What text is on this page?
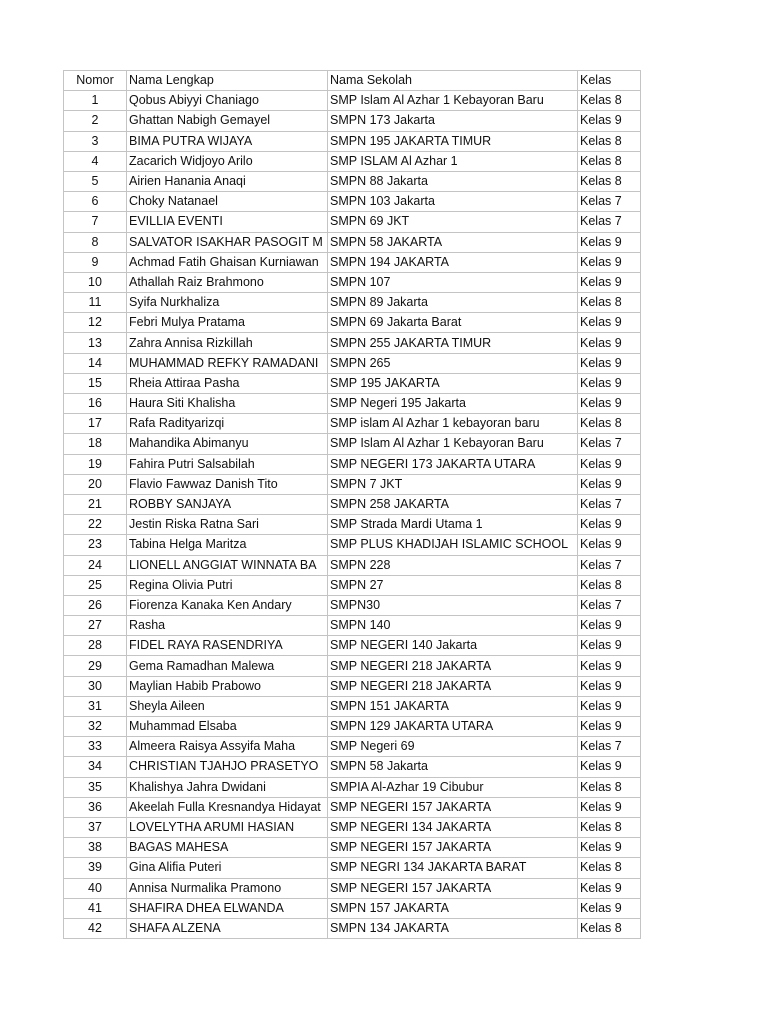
Nomor	Nama Lengkap	Nama Sekolah	Kelas
1	Qobus Abiyyi Chaniago	SMP Islam Al Azhar 1 Kebayoran Baru	Kelas 8
2	Ghattan Nabigh Gemayel	SMPN 173 Jakarta	Kelas 9
3	BIMA PUTRA WIJAYA	SMPN 195 JAKARTA TIMUR	Kelas 8
4	Zacarich Widjoyo Arilo	SMP ISLAM Al Azhar 1	Kelas 8
5	Airien Hanania Anaqi	SMPN 88 Jakarta	Kelas 8
6	Choky Natanael	SMPN 103 Jakarta	Kelas 7
7	EVILLIA EVENTI	SMPN 69 JKT	Kelas 7
8	SALVATOR ISAKHAR PASOGIT M	SMPN 58 JAKARTA	Kelas 9
9	Achmad Fatih Ghaisan Kurniawan	SMPN 194 JAKARTA	Kelas 9
10	Athallah Raiz Brahmono	SMPN 107	Kelas 9
11	Syifa Nurkhaliza	SMPN 89 Jakarta	Kelas 8
12	Febri Mulya Pratama	SMPN 69 Jakarta Barat	Kelas 9
13	Zahra Annisa Rizkillah	SMPN 255 JAKARTA TIMUR	Kelas 9
14	MUHAMMAD REFKY RAMADANI	SMPN 265	Kelas 9
15	Rheia Attiraa Pasha	SMP 195 JAKARTA	Kelas 9
16	Haura Siti Khalisha	SMP Negeri 195 Jakarta	Kelas 9
17	Rafa Radityarizqi	SMP islam Al Azhar 1 kebayoran baru	Kelas 8
18	Mahandika Abimanyu	SMP Islam Al Azhar 1 Kebayoran Baru	Kelas 7
19	Fahira Putri Salsabilah	SMP NEGERI 173 JAKARTA UTARA	Kelas 9
20	Flavio Fawwaz Danish Tito	SMPN 7 JKT	Kelas 9
21	ROBBY SANJAYA	SMPN 258 JAKARTA	Kelas 7
22	Jestin Riska Ratna Sari	SMP Strada Mardi Utama 1	Kelas 9
23	Tabina Helga Maritza	SMP PLUS KHADIJAH ISLAMIC SCHOOL	Kelas 9
24	LIONELL ANGGIAT WINNATA BA	SMPN 228	Kelas 7
25	Regina Olivia Putri	SMPN 27	Kelas 8
26	Fiorenza Kanaka Ken Andary	SMPN30	Kelas 7
27	Rasha	SMPN 140	Kelas 9
28	FIDEL RAYA RASENDRIYA	SMP NEGERI 140 Jakarta	Kelas 9
29	Gema Ramadhan Malewa	SMP NEGERI 218 JAKARTA	Kelas 9
30	Maylian Habib Prabowo	SMP NEGERI 218 JAKARTA	Kelas 9
31	Sheyla Aileen	SMPN 151 JAKARTA	Kelas 9
32	Muhammad Elsaba	SMPN 129 JAKARTA UTARA	Kelas 9
33	Almeera Raisya Assyifa Maha	SMP Negeri 69	Kelas 7
34	CHRISTIAN TJAHJO PRASETYO	SMPN 58 Jakarta	Kelas 9
35	Khalishya Jahra Dwidani	SMPIA Al-Azhar 19 Cibubur	Kelas 8
36	Akeelah Fulla Kresnandya Hidayat	SMP NEGERI 157 JAKARTA	Kelas 9
37	LOVELYTHA ARUMI HASIAN	SMP NEGERI 134 JAKARTA	Kelas 8
38	BAGAS MAHESA	SMP NEGERI 157 JAKARTA	Kelas 9
39	Gina Alifia Puteri	SMP NEGRI 134 JAKARTA BARAT	Kelas 8
40	Annisa Nurmalika Pramono	SMP NEGERI 157 JAKARTA	Kelas 9
41	SHAFIRA DHEA ELWANDA	SMPN 157 JAKARTA	Kelas 9
42	SHAFA ALZENA	SMPN 134 JAKARTA	Kelas 8
